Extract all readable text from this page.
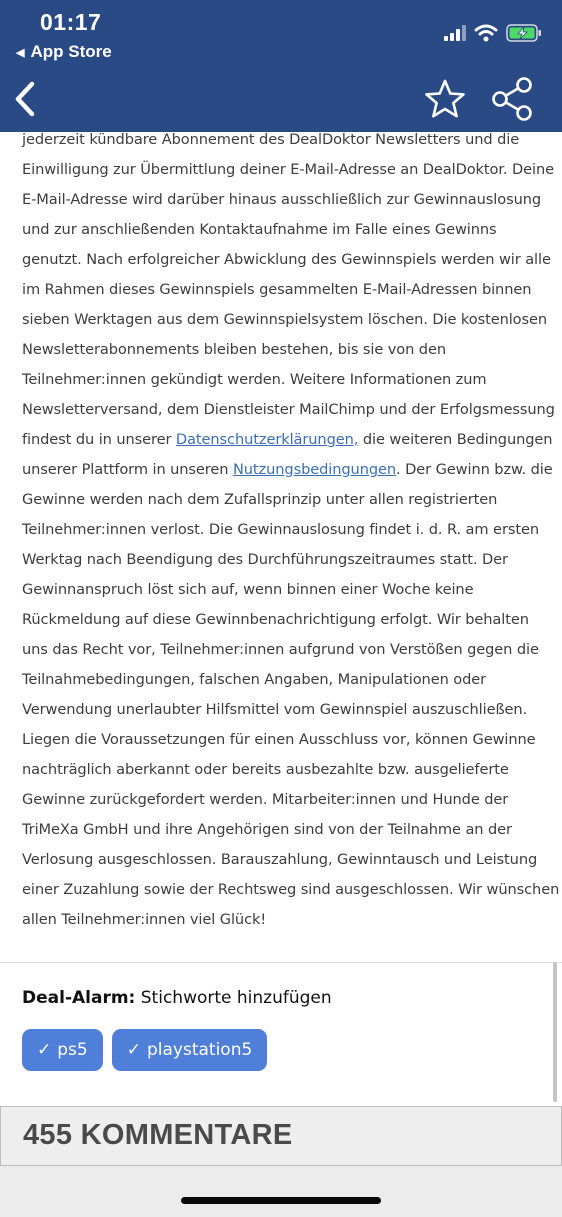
01:17
◀ App Store
jederzeit kündbare Abonnement des DealDoktor Newsletters und die
Einwilligung zur Übermittlung deiner E-Mail-Adresse an DealDoktor. Deine
E-Mail-Adresse wird darüber hinaus ausschließlich zur Gewinnauslosung
und zur anschließenden Kontaktaufnahme im Falle eines Gewinns
genutzt. Nach erfolgreicher Abwicklung des Gewinnspiels werden wir alle
im Rahmen dieses Gewinnspiels gesammelten E-Mail-Adressen binnen
sieben Werktagen aus dem Gewinnspielsystem löschen. Die kostenlosen
Newsletterabonnements bleiben bestehen, bis sie von den
Teilnehmer:innen gekündigt werden. Weitere Informationen zum
Newsletterversand, dem Dienstleister MailChimp und der Erfolgsmessung
findest du in unserer Datenschutzerklärungen, die weiteren Bedingungen
unserer Plattform in unseren Nutzungsbedingungen. Der Gewinn bzw. die
Gewinne werden nach dem Zufallsprinzip unter allen registrierten
Teilnehmer:innen verlost. Die Gewinnauslosung findet i. d. R. am ersten
Werktag nach Beendigung des Durchführungszeitraumes statt. Der
Gewinnanspruch löst sich auf, wenn binnen einer Woche keine
Rückmeldung auf diese Gewinnbenachrichtigung erfolgt. Wir behalten
uns das Recht vor, Teilnehmer:innen aufgrund von Verstößen gegen die
Teilnahmebedingungen, falschen Angaben, Manipulationen oder
Verwendung unerlaubter Hilfsmittel vom Gewinnspiel auszuschließen.
Liegen die Voraussetzungen für einen Ausschluss vor, können Gewinne
nachträglich aberkannt oder bereits ausbezahlte bzw. ausgelieferte
Gewinne zurückgefordert werden. Mitarbeiter:innen und Hunde der
TriMeXa GmbH und ihre Angehörigen sind von der Teilnahme an der
Verlosung ausgeschlossen. Barauszahlung, Gewinntausch und Leistung
einer Zuzahlung sowie der Rechtsweg sind ausgeschlossen. Wir wünschen
allen Teilnehmer:innen viel Glück!
Deal-Alarm: Stichworte hinzufügen
✓ ps5 ✓ playstation5
455 KOMMENTARE
